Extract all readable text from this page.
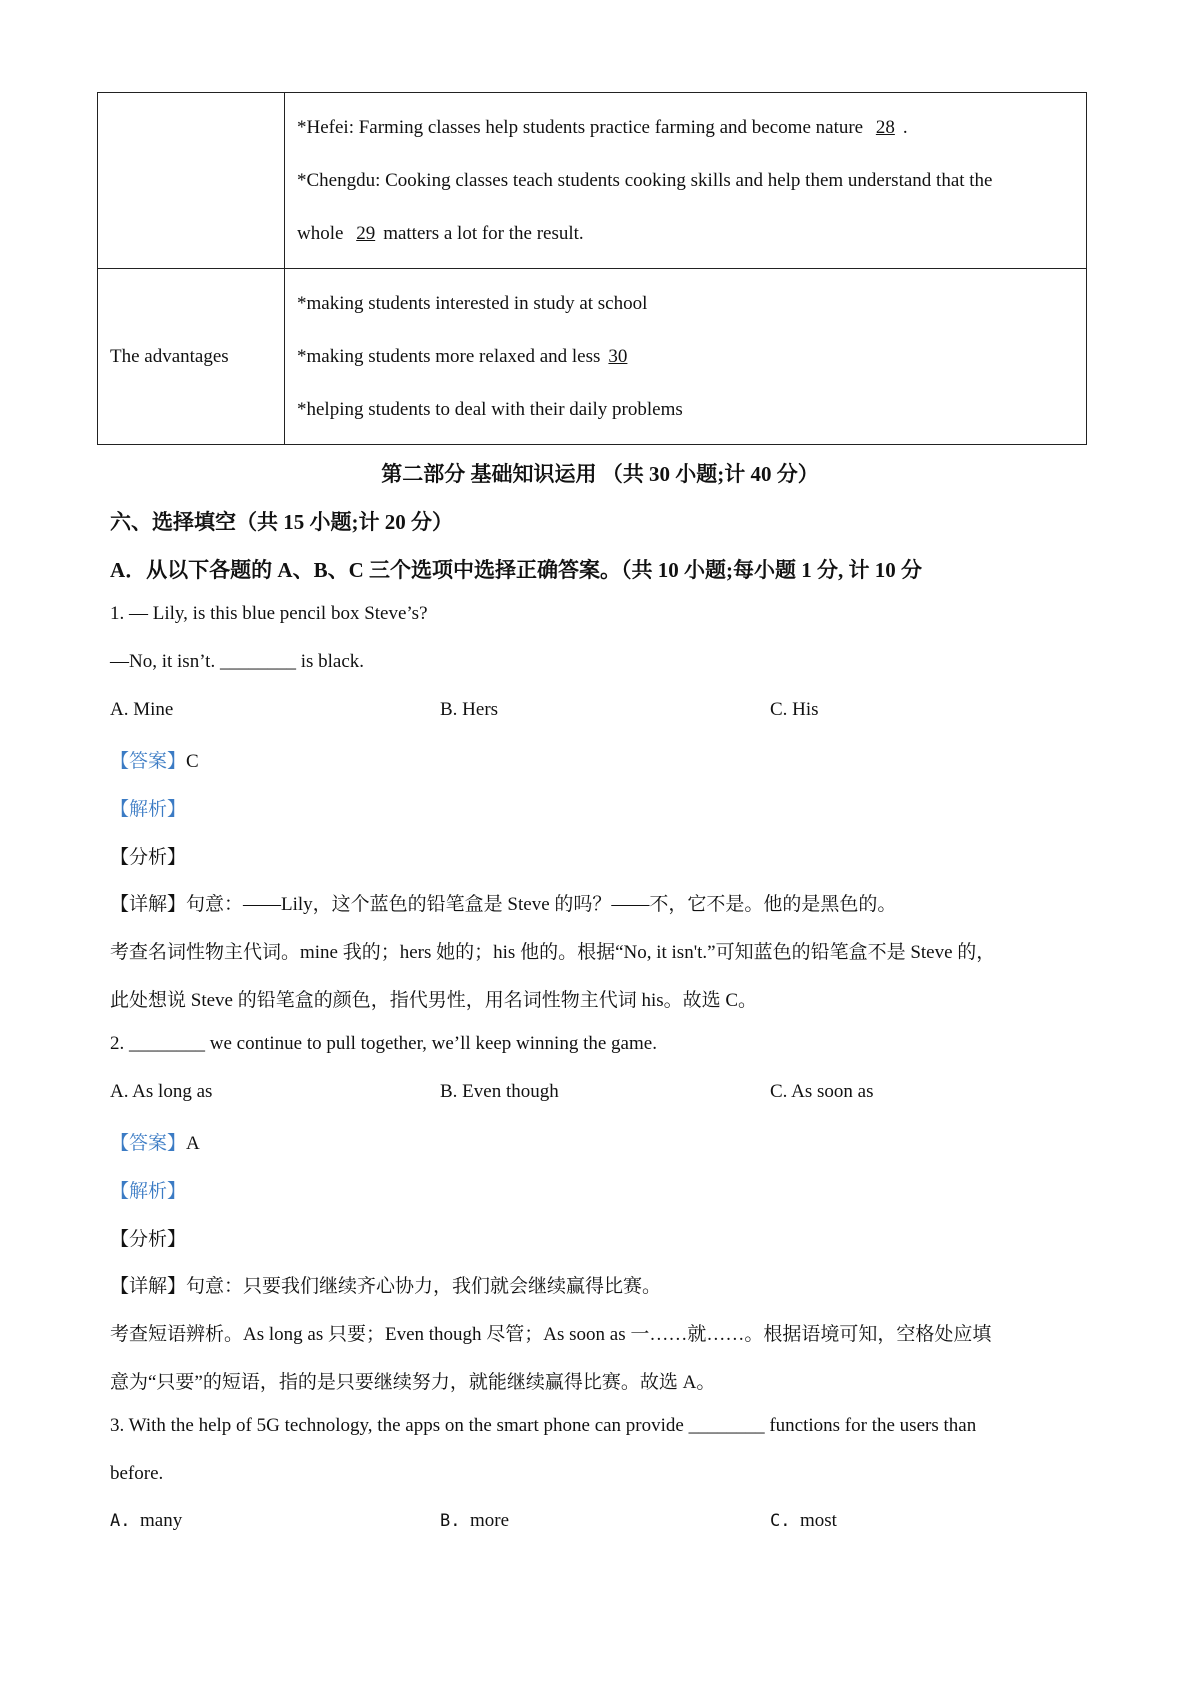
	*Hefei: Farming classes help students practice farming and become nature 28 .
*Chengdu: Cooking classes teach students cooking skills and help them understand that the
whole 29 matters a lot for the result.

The advantages	*making students interested in study at school
*making students more relaxed and less 30
*helping students to deal with their daily problems
第二部分 基础知识运用 （共 30 小题;计 40 分）
六、选择填空（共 15 小题;计 20 分）
A．从以下各题的 A、B、C 三个选项中选择正确答案。（共 10 小题;每小题 1 分, 计 10 分
1. — Lily, is this blue pencil box Steve’s?
—No, it isn’t. ________ is black.
A. Mine	B. Hers	C. His
【答案】C
【解析】
【分析】
【详解】句意：——Lily，这个蓝色的铅笔盒是 Steve 的吗？——不，它不是。他的是黑色的。
考查名词性物主代词。mine 我的；hers 她的；his 他的。根据“No, it isn't.”可知蓝色的铅笔盒不是 Steve 的，
此处想说 Steve 的铅笔盒的颜色，指代男性，用名词性物主代词 his。故选 C。
2. ________ we continue to pull together, we’ll keep winning the game.
A. As long as	B. Even though	C. As soon as
【答案】A
【解析】
【分析】
【详解】句意：只要我们继续齐心协力，我们就会继续赢得比赛。
考查短语辨析。As long as 只要；Even though 尽管；As soon as 一……就……。根据语境可知，空格处应填
意为“只要”的短语，指的是只要继续努力，就能继续赢得比赛。故选 A。
3. With the help of 5G technology, the apps on the smart phone can provide ________ functions for the users than
before.
A. many	B. more	C. most
